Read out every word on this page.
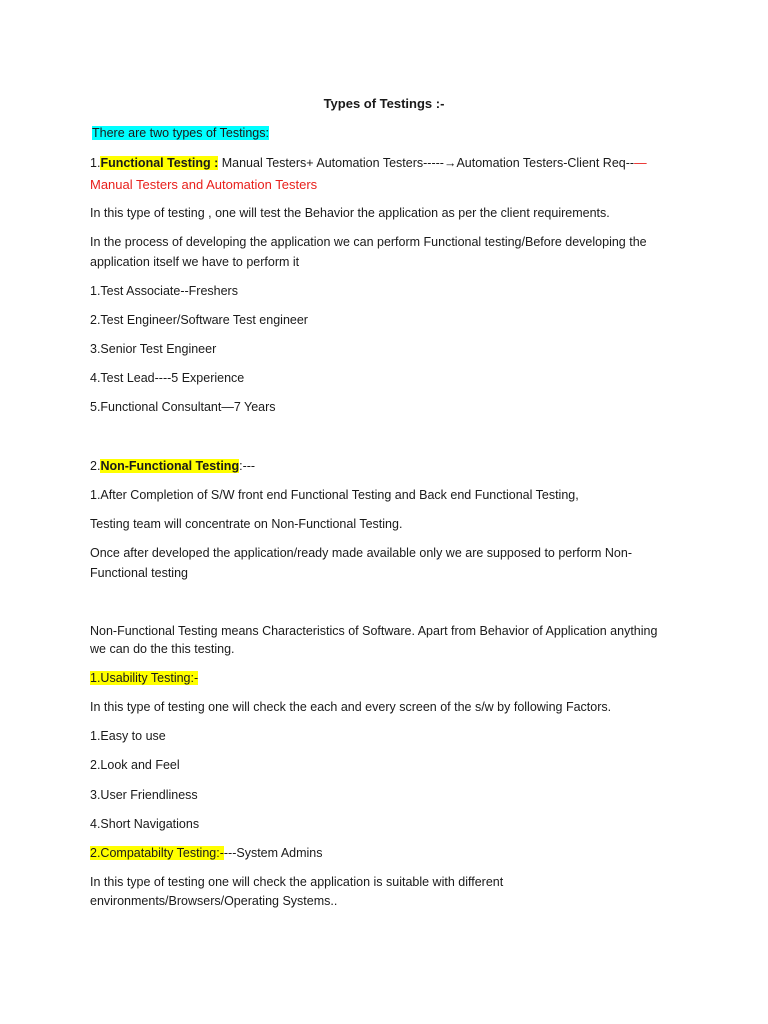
Types of Testings :-
There are two types of Testings:
1.Functional Testing : Manual Testers+ Automation Testers-----→Automation Testers-Client Req--—
Manual Testers and Automation Testers
In this type of testing , one will test the Behavior the application as per the client requirements.
In the process of developing the application we can perform Functional testing/Before developing the
application itself we have to perform it
1.Test Associate--Freshers
2.Test Engineer/Software Test engineer
3.Senior Test Engineer
4.Test Lead----5 Experience
5.Functional Consultant—7 Years
2.Non-Functional Testing:---
1.After Completion of S/W front end Functional Testing and Back end Functional Testing,
Testing team will concentrate on Non-Functional Testing.
Once after developed the application/ready made available only we are supposed to perform Non-
Functional testing
Non-Functional Testing means Characteristics of Software. Apart from Behavior of Application anything
we can do the this testing.
1.Usability Testing:-
In this type of testing one will check the each and every screen of the s/w by following Factors.
1.Easy to use
2.Look and Feel
3.User Friendliness
4.Short Navigations
2.Compatabilty Testing:----System Admins
In this type of testing one will check the application is suitable with different
environments/Browsers/Operating Systems..
